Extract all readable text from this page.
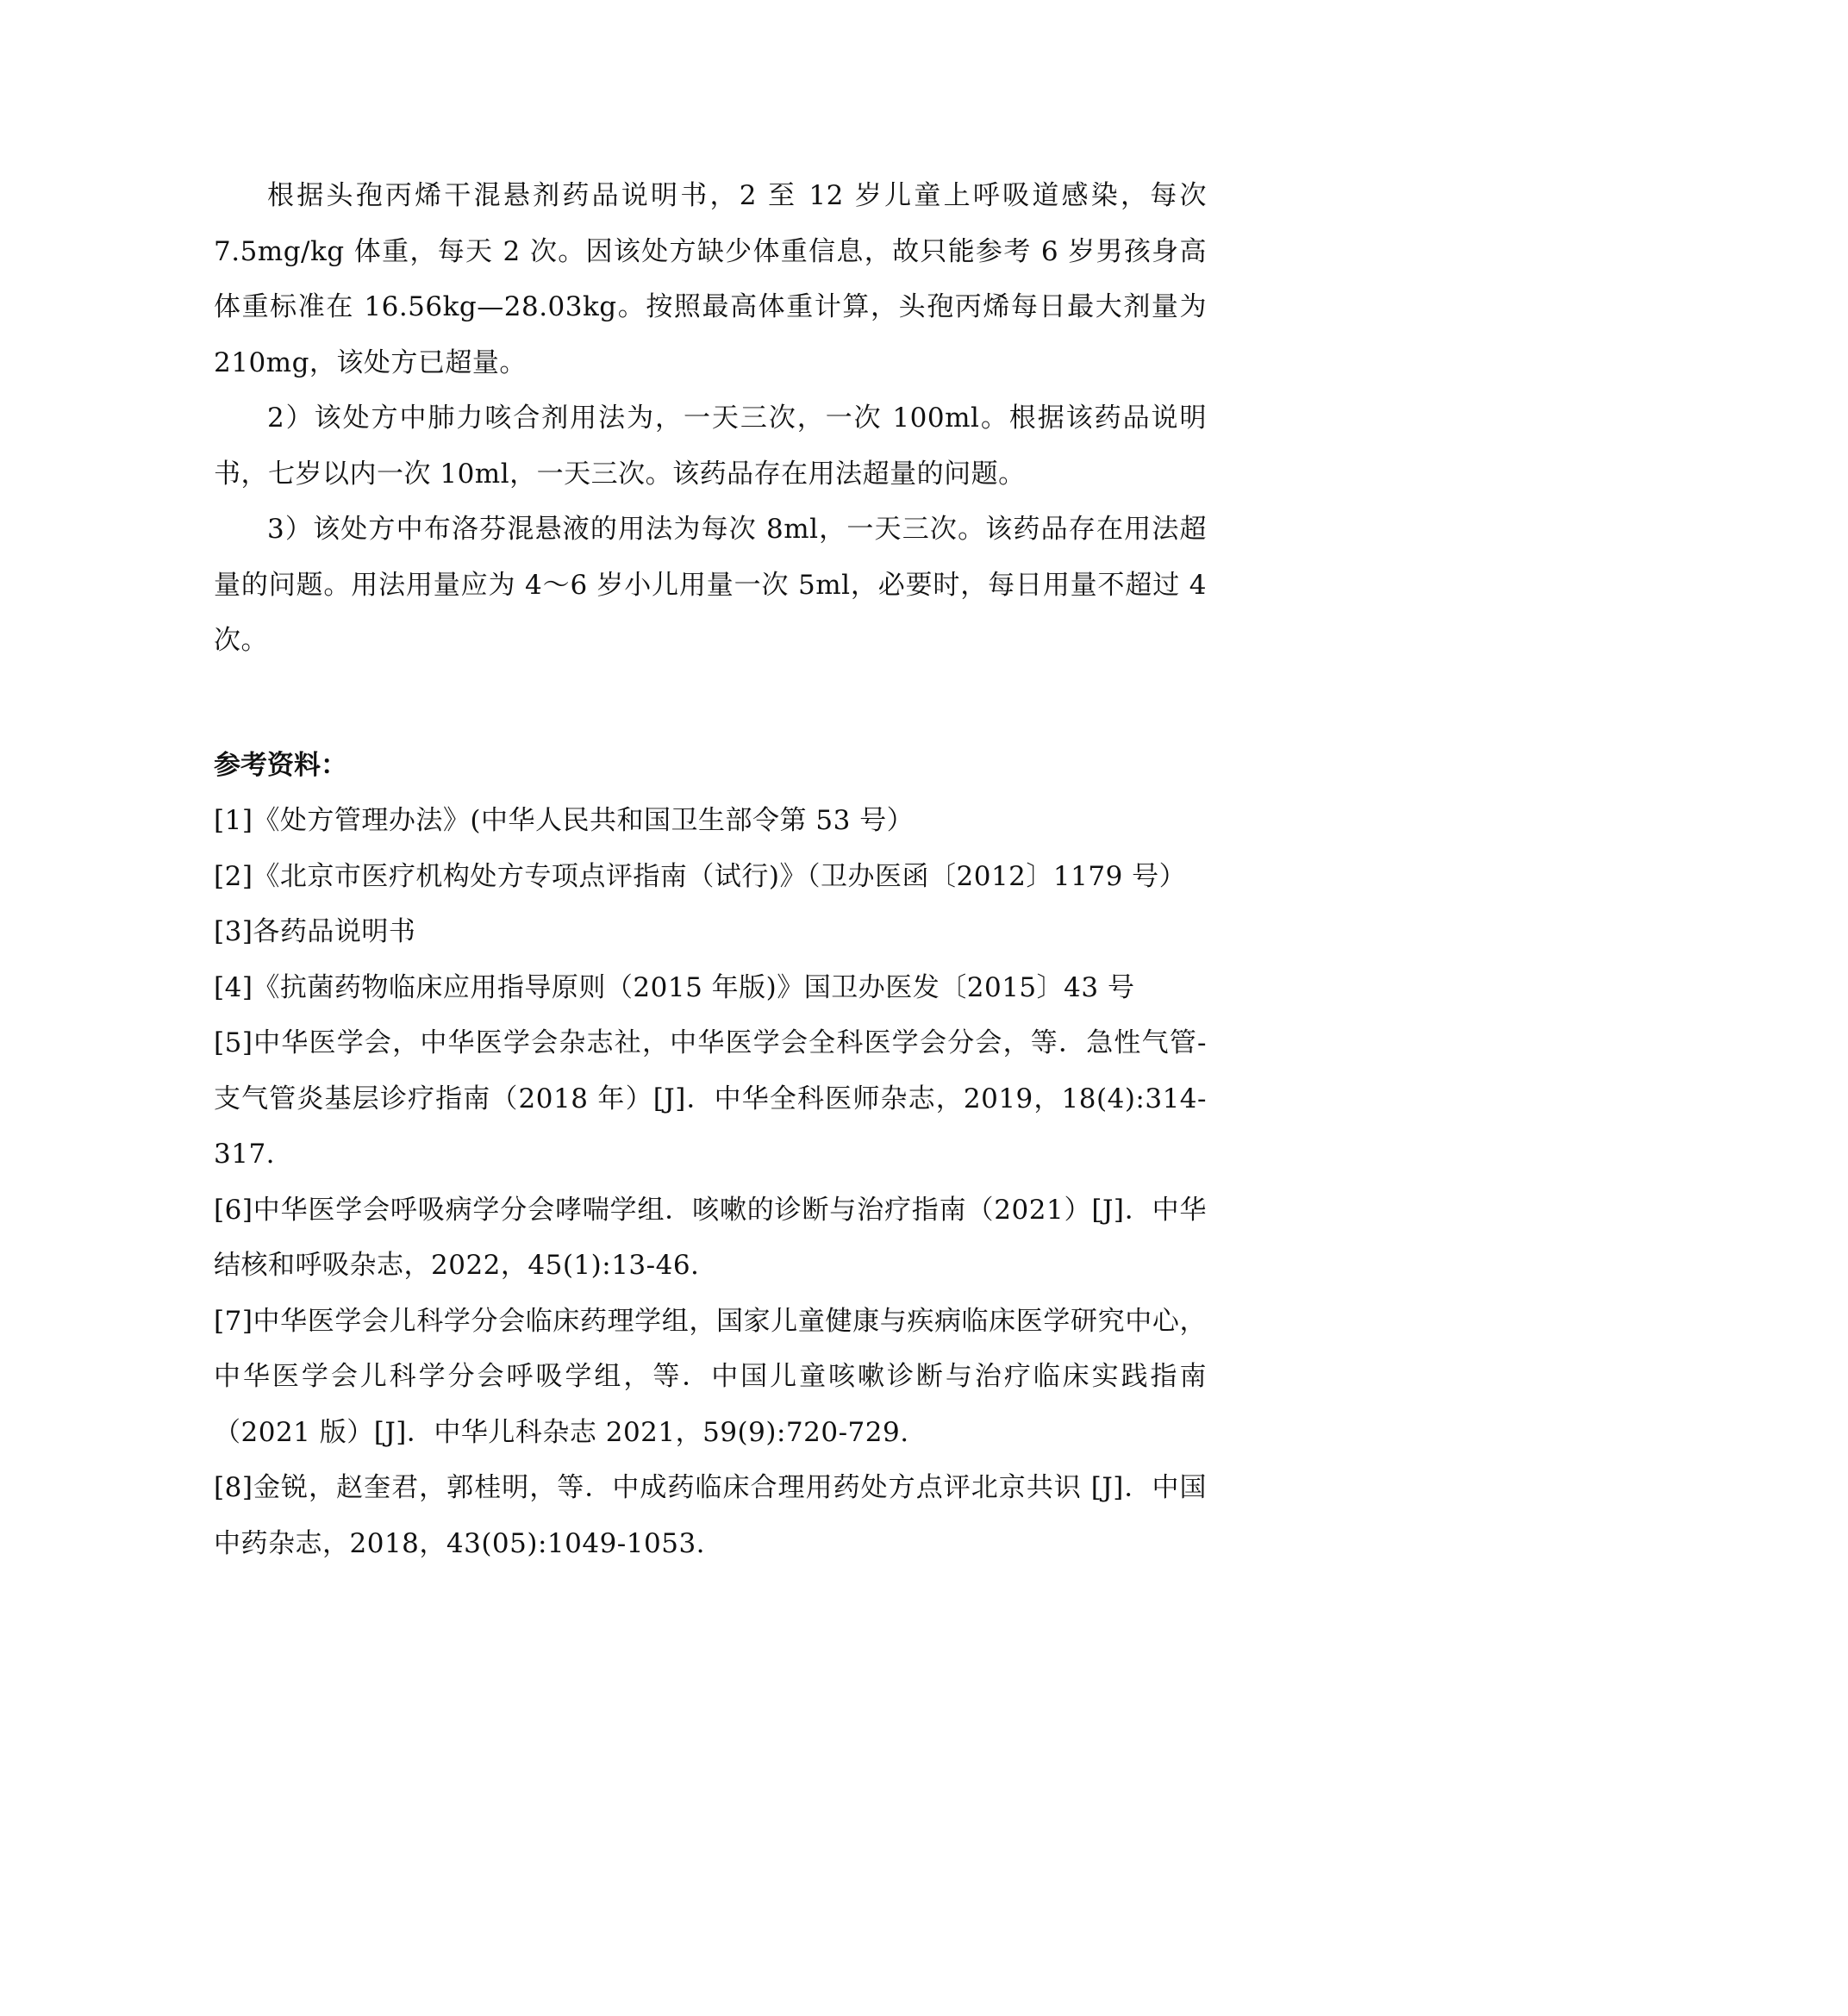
根据头孢丙烯干混悬剂药品说明书，2 至 12 岁儿童上呼吸道感染，每次 7.5mg/kg 体重，每天 2 次。因该处方缺少体重信息，故只能参考 6 岁男孩身高体重标准在 16.56kg—28.03kg。按照最高体重计算，头孢丙烯每日最大剂量为 210mg，该处方已超量。

2）该处方中肺力咳合剂用法为，一天三次，一次 100ml。根据该药品说明书，七岁以内一次 10ml，一天三次。该药品存在用法超量的问题。

3）该处方中布洛芬混悬液的用法为每次 8ml，一天三次。该药品存在用法超量的问题。用法用量应为 4～6 岁小儿用量一次 5ml，必要时，每日用量不超过 4 次。

参考资料：

[1]《处方管理办法》(中华人民共和国卫生部令第 53 号）

[2]《北京市医疗机构处方专项点评指南（试行)》（卫办医函〔2012〕1179 号）

[3]各药品说明书

[4]《抗菌药物临床应用指导原则（2015 年版)》国卫办医发〔2015〕43 号

[5]中华医学会，中华医学会杂志社，中华医学会全科医学会分会，等．急性气管-支气管炎基层诊疗指南（2018 年）[J]．中华全科医师杂志，2019，18(4):314-317.

[6]中华医学会呼吸病学分会哮喘学组．咳嗽的诊断与治疗指南（2021）[J]．中华结核和呼吸杂志，2022，45(1):13-46.

[7]中华医学会儿科学分会临床药理学组，国家儿童健康与疾病临床医学研究中心，中华医学会儿科学分会呼吸学组，等．中国儿童咳嗽诊断与治疗临床实践指南（2021 版）[J]．中华儿科杂志 2021，59(9):720-729.

[8]金锐，赵奎君，郭桂明，等．中成药临床合理用药处方点评北京共识 [J]．中国中药杂志，2018，43(05):1049-1053.
